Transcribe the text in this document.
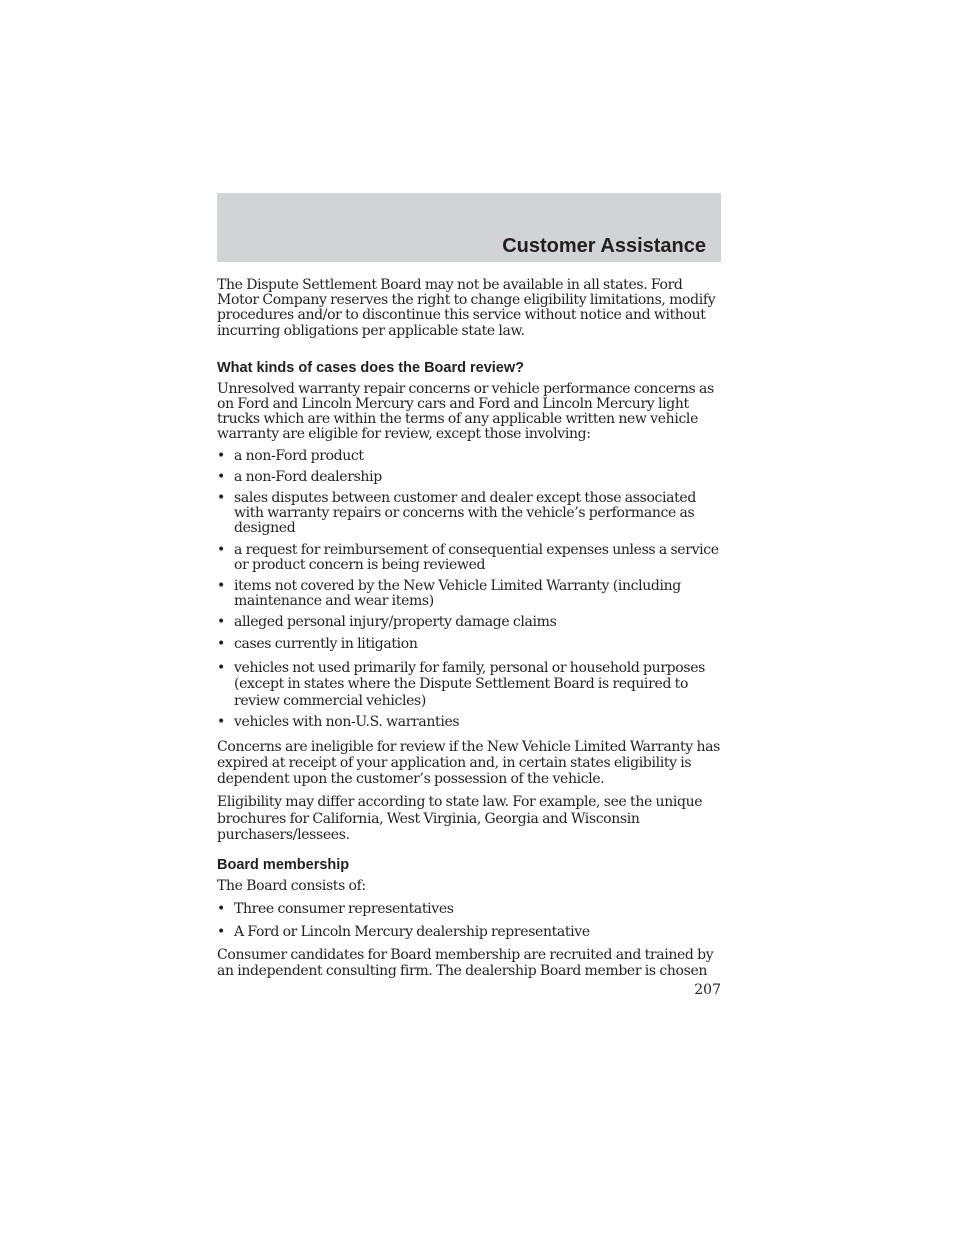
Customer Assistance

The Dispute Settlement Board may not be available in all states. Ford Motor Company reserves the right to change eligibility limitations, modify procedures and/or to discontinue this service without notice and without incurring obligations per applicable state law.

What kinds of cases does the Board review?

Unresolved warranty repair concerns or vehicle performance concerns as on Ford and Lincoln Mercury cars and Ford and Lincoln Mercury light trucks which are within the terms of any applicable written new vehicle warranty are eligible for review, except those involving:

• a non-Ford product
• a non-Ford dealership
• sales disputes between customer and dealer except those associated with warranty repairs or concerns with the vehicle’s performance as designed
• a request for reimbursement of consequential expenses unless a service or product concern is being reviewed
• items not covered by the New Vehicle Limited Warranty (including maintenance and wear items)
• alleged personal injury/property damage claims
• cases currently in litigation
• vehicles not used primarily for family, personal or household purposes (except in states where the Dispute Settlement Board is required to review commercial vehicles)
• vehicles with non-U.S. warranties

Concerns are ineligible for review if the New Vehicle Limited Warranty has expired at receipt of your application and, in certain states eligibility is dependent upon the customer’s possession of the vehicle.

Eligibility may differ according to state law. For example, see the unique brochures for California, West Virginia, Georgia and Wisconsin purchasers/lessees.

Board membership

The Board consists of:

• Three consumer representatives
• A Ford or Lincoln Mercury dealership representative

Consumer candidates for Board membership are recruited and trained by an independent consulting firm. The dealership Board member is chosen

207
